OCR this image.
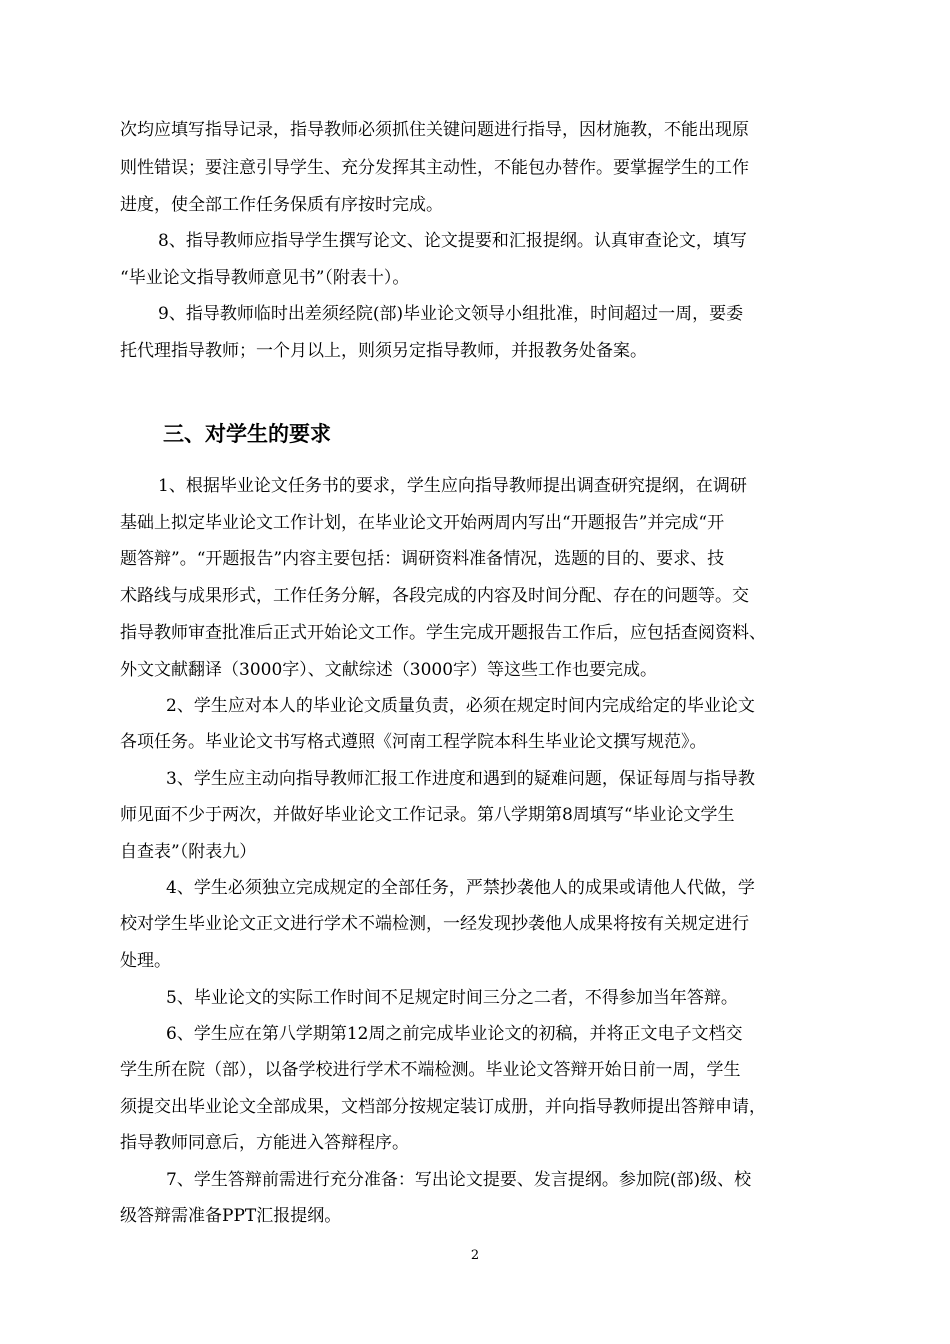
次均应填写指导记录，指导教师必须抓住关键问题进行指导，因材施教，不能出现原
则性错误；要注意引导学生、充分发挥其主动性，不能包办替作。要掌握学生的工作
进度，使全部工作任务保质有序按时完成。
8、指导教师应指导学生撰写论文、论文提要和汇报提纲。认真审查论文，填写
“毕业论文指导教师意见书”（附表十）。
9、指导教师临时出差须经院(部)毕业论文领导小组批准，时间超过一周，要委
托代理指导教师；一个月以上，则须另定指导教师，并报教务处备案。
三、对学生的要求
1、根据毕业论文任务书的要求，学生应向指导教师提出调查研究提纲，在调研
基础上拟定毕业论文工作计划，在毕业论文开始两周内写出“开题报告”并完成“开
题答辩”。“开题报告”内容主要包括：调研资料准备情况，选题的目的、要求、技
术路线与成果形式，工作任务分解，各段完成的内容及时间分配、存在的问题等。交
指导教师审查批准后正式开始论文工作。学生完成开题报告工作后，应包括查阅资料、
外文文献翻译（3000字）、文献综述（3000字）等这些工作也要完成。
2、学生应对本人的毕业论文质量负责，必须在规定时间内完成给定的毕业论文
各项任务。毕业论文书写格式遵照《河南工程学院本科生毕业论文撰写规范》。
3、学生应主动向指导教师汇报工作进度和遇到的疑难问题，保证每周与指导教
师见面不少于两次，并做好毕业论文工作记录。第八学期第8周填写“毕业论文学生
自查表”（附表九）
4、学生必须独立完成规定的全部任务，严禁抄袭他人的成果或请他人代做，学
校对学生毕业论文正文进行学术不端检测，一经发现抄袭他人成果将按有关规定进行
处理。
5、毕业论文的实际工作时间不足规定时间三分之二者，不得参加当年答辩。
6、学生应在第八学期第12周之前完成毕业论文的初稿，并将正文电子文档交
学生所在院（部），以备学校进行学术不端检测。毕业论文答辩开始日前一周，学生
须提交出毕业论文全部成果，文档部分按规定装订成册，并向指导教师提出答辩申请，
指导教师同意后，方能进入答辩程序。
7、学生答辩前需进行充分准备：写出论文提要、发言提纲。参加院(部)级、校
级答辩需准备PPT汇报提纲。
2
